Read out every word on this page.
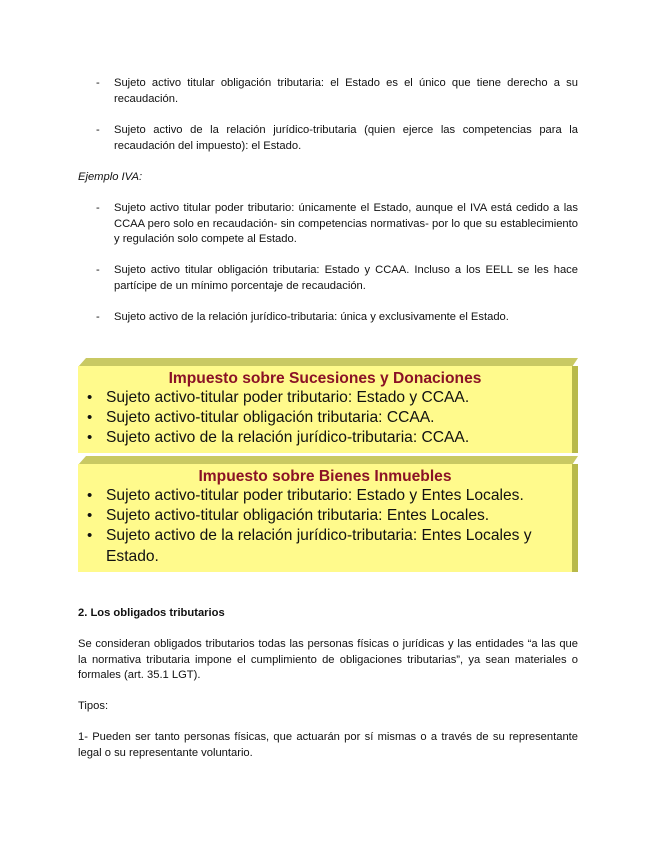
-	Sujeto activo titular obligación tributaria: el Estado es el único que tiene derecho a su recaudación.
-	Sujeto activo de la relación jurídico-tributaria (quien ejerce las competencias para la recaudación del impuesto): el Estado.
Ejemplo IVA:
-	Sujeto activo titular poder tributario: únicamente el Estado, aunque el IVA está cedido a las CCAA pero solo en recaudación- sin competencias normativas- por lo que su establecimiento y regulación solo compete al Estado.
-	Sujeto activo titular obligación tributaria: Estado y CCAA. Incluso a los EELL se les hace partícipe de un mínimo porcentaje de recaudación.
-	Sujeto activo de la relación jurídico-tributaria: única y exclusivamente el Estado.
Impuesto sobre Sucesiones y Donaciones
• Sujeto activo-titular poder tributario: Estado y CCAA.
• Sujeto activo-titular obligación tributaria: CCAA.
• Sujeto activo de la relación jurídico-tributaria: CCAA.
Impuesto sobre Bienes Inmuebles
• Sujeto activo-titular poder tributario: Estado y Entes Locales.
• Sujeto activo-titular obligación tributaria: Entes Locales.
• Sujeto activo de la relación jurídico-tributaria: Entes Locales y Estado.
2. Los obligados tributarios
Se consideran obligados tributarios todas las personas físicas o jurídicas y las entidades “a las que la normativa tributaria impone el cumplimiento de obligaciones tributarias”, ya sean materiales o formales (art. 35.1 LGT).
Tipos:
1- Pueden ser tanto personas físicas, que actuarán por sí mismas o a través de su representante legal o su representante voluntario.
